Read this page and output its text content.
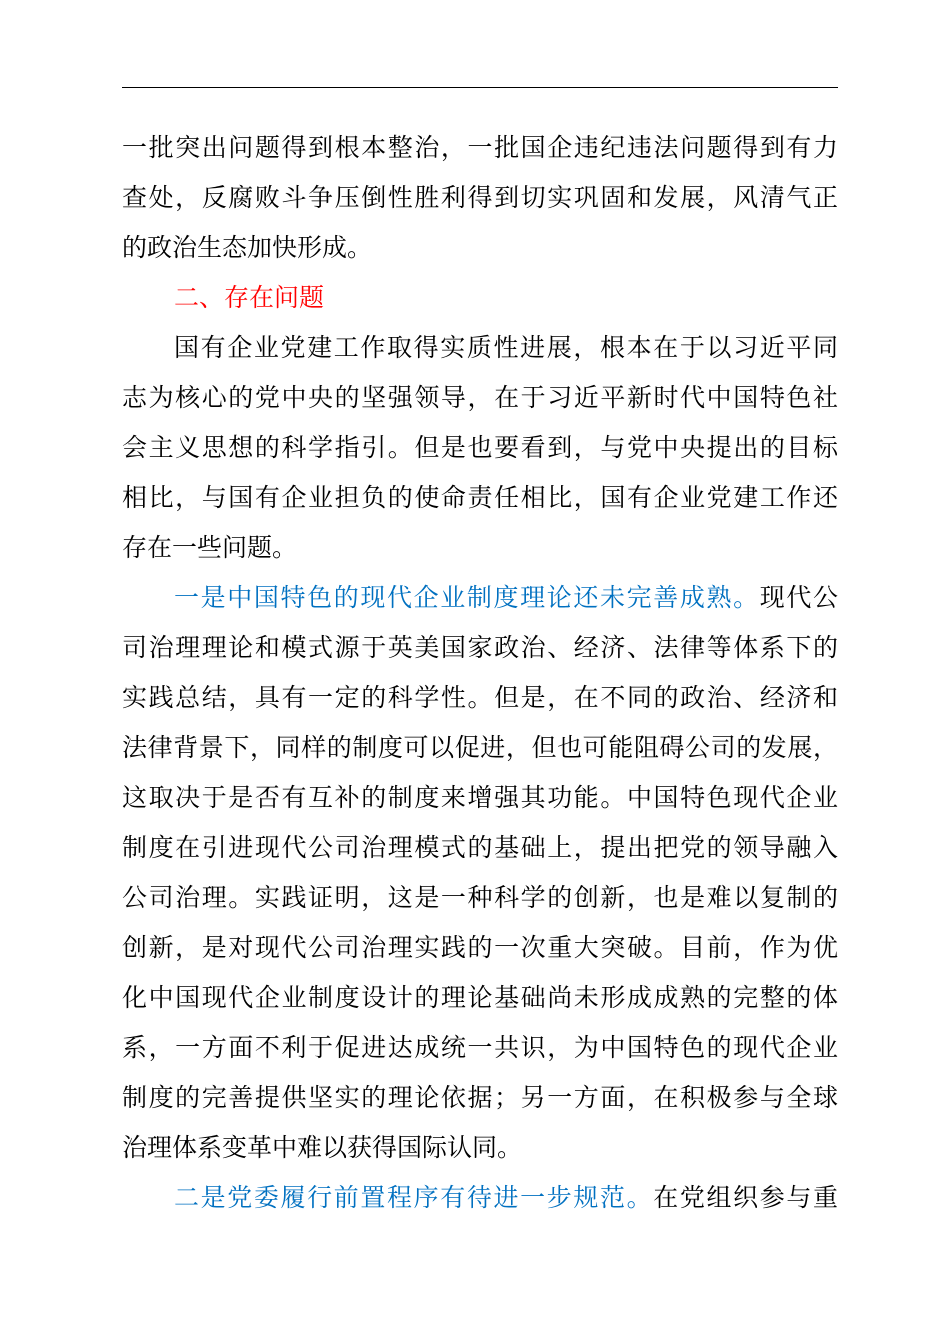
一批突出问题得到根本整治，一批国企违纪违法问题得到有力
查处，反腐败斗争压倒性胜利得到切实巩固和发展，风清气正
的政治生态加快形成。
二、存在问题
国有企业党建工作取得实质性进展，根本在于以习近平同
志为核心的党中央的坚强领导，在于习近平新时代中国特色社
会主义思想的科学指引。但是也要看到，与党中央提出的目标
相比，与国有企业担负的使命责任相比，国有企业党建工作还
存在一些问题。
一是中国特色的现代企业制度理论还未完善成熟。现代公
司治理理论和模式源于英美国家政治、经济、法律等体系下的
实践总结，具有一定的科学性。但是，在不同的政治、经济和
法律背景下，同样的制度可以促进，但也可能阻碍公司的发展，
这取决于是否有互补的制度来增强其功能。中国特色现代企业
制度在引进现代公司治理模式的基础上，提出把党的领导融入
公司治理。实践证明，这是一种科学的创新，也是难以复制的
创新，是对现代公司治理实践的一次重大突破。目前，作为优
化中国现代企业制度设计的理论基础尚未形成成熟的完整的体
系，一方面不利于促进达成统一共识，为中国特色的现代企业
制度的完善提供坚实的理论依据；另一方面，在积极参与全球
治理体系变革中难以获得国际认同。
二是党委履行前置程序有待进一步规范。在党组织参与重
